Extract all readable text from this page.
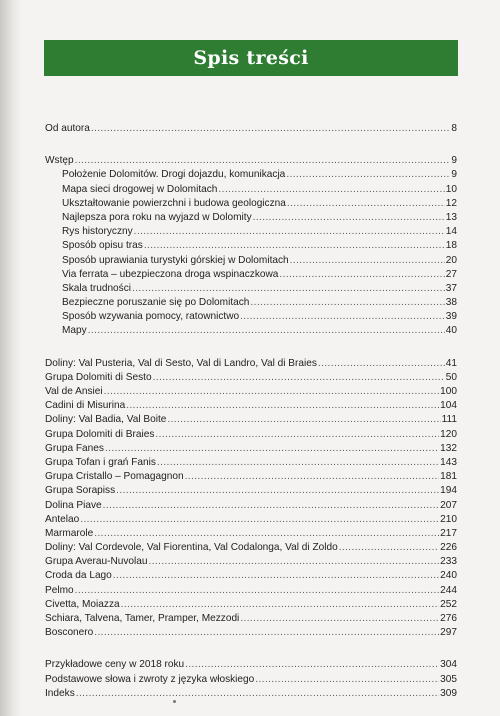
Spis treści
Od autora .....	8
Wstęp .....	9
Położenie Dolomitów. Drogi dojazdu, komunikacja .....	9
Mapa sieci drogowej w Dolomitach .....	10
Ukształtowanie powierzchni i budowa geologiczna .....	12
Najlepsza pora roku na wyjazd w Dolomity .....	13
Rys historyczny .....	14
Sposób opisu tras .....	18
Sposób uprawiania turystyki górskiej w Dolomitach .....	20
Via ferrata – ubezpieczona droga wspinaczkowa .....	27
Skala trudności .....	37
Bezpieczne poruszanie się po Dolomitach .....	38
Sposób wzywania pomocy, ratownictwo .....	39
Mapy .....	40
Doliny: Val Pusteria, Val di Sesto, Val di Landro, Val di Braies .....	41
Grupa Dolomiti di Sesto .....	50
Val de Ansiei .....	100
Cadini di Misurina .....	104
Doliny: Val Badia, Val Boite .....	111
Grupa Dolomiti di Braies .....	120
Grupa Fanes .....	132
Grupa Tofan i grań Fanis .....	143
Grupa Cristallo – Pomagagnon .....	181
Grupa Sorapiss .....	194
Dolina Piave .....	207
Antelao .....	210
Marmarole .....	217
Doliny: Val Cordevole, Val Fiorentina, Val Codalonga, Val di Zoldo .....	226
Grupa Averau-Nuvolau .....	233
Croda da Lago .....	240
Pelmo .....	244
Civetta, Moiazza .....	252
Schiara, Talvena, Tamer, Pramper, Mezzodi .....	276
Bosconero .....	297
Przykładowe ceny w 2018 roku .....	304
Podstawowe słowa i zwroty z języka włoskiego .....	305
Indeks .....	309
